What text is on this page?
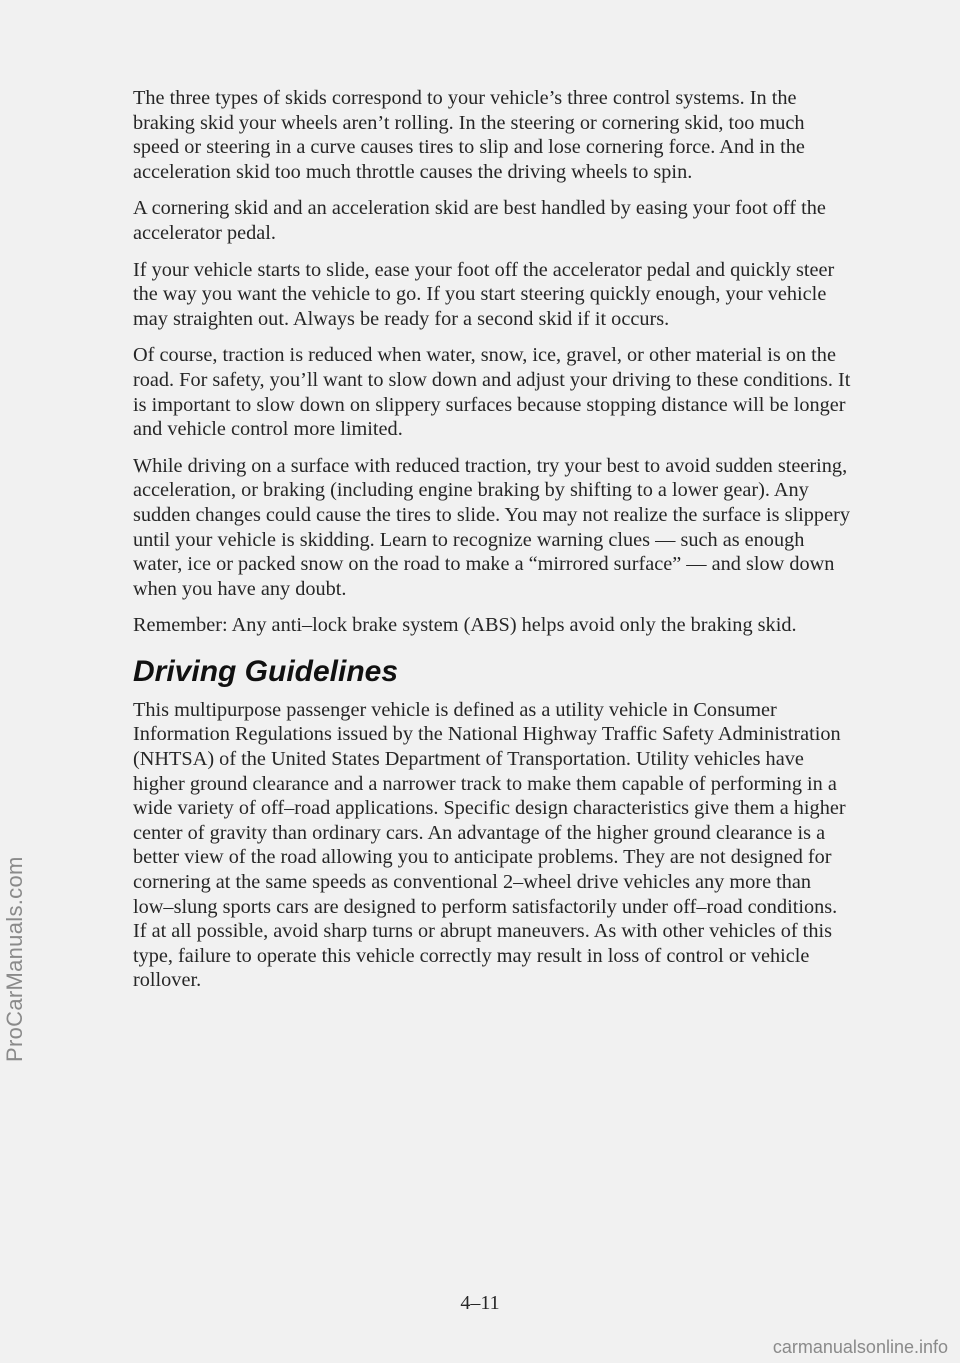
ProCarManuals.com

The three types of skids correspond to your vehicle’s three control systems. In the braking skid your wheels aren’t rolling. In the steering or cornering skid, too much speed or steering in a curve causes tires to slip and lose cornering force. And in the acceleration skid too much throttle causes the driving wheels to spin.

A cornering skid and an acceleration skid are best handled by easing your foot off the accelerator pedal.

If your vehicle starts to slide, ease your foot off the accelerator pedal and quickly steer the way you want the vehicle to go. If you start steering quickly enough, your vehicle may straighten out. Always be ready for a second skid if it occurs.

Of course, traction is reduced when water, snow, ice, gravel, or other material is on the road. For safety, you’ll want to slow down and adjust your driving to these conditions. It is important to slow down on slippery surfaces because stopping distance will be longer and vehicle control more limited.

While driving on a surface with reduced traction, try your best to avoid sudden steering, acceleration, or braking (including engine braking by shifting to a lower gear). Any sudden changes could cause the tires to slide. You may not realize the surface is slippery until your vehicle is skidding. Learn to recognize warning clues — such as enough water, ice or packed snow on the road to make a “mirrored surface” — and slow down when you have any doubt.

Remember: Any anti–lock brake system (ABS) helps avoid only the braking skid.

Driving Guidelines

This multipurpose passenger vehicle is defined as a utility vehicle in Consumer Information Regulations issued by the National Highway Traffic Safety Administration (NHTSA) of the United States Department of Transportation. Utility vehicles have higher ground clearance and a narrower track to make them capable of performing in a wide variety of off–road applications. Specific design characteristics give them a higher center of gravity than ordinary cars. An advantage of the higher ground clearance is a better view of the road allowing you to anticipate problems. They are not designed for cornering at the same speeds as conventional 2–wheel drive vehicles any more than low–slung sports cars are designed to perform satisfactorily under off–road conditions. If at all possible, avoid sharp turns or abrupt maneuvers. As with other vehicles of this type, failure to operate this vehicle correctly may result in loss of control or vehicle rollover.

4–11
carmanualsonline.info
